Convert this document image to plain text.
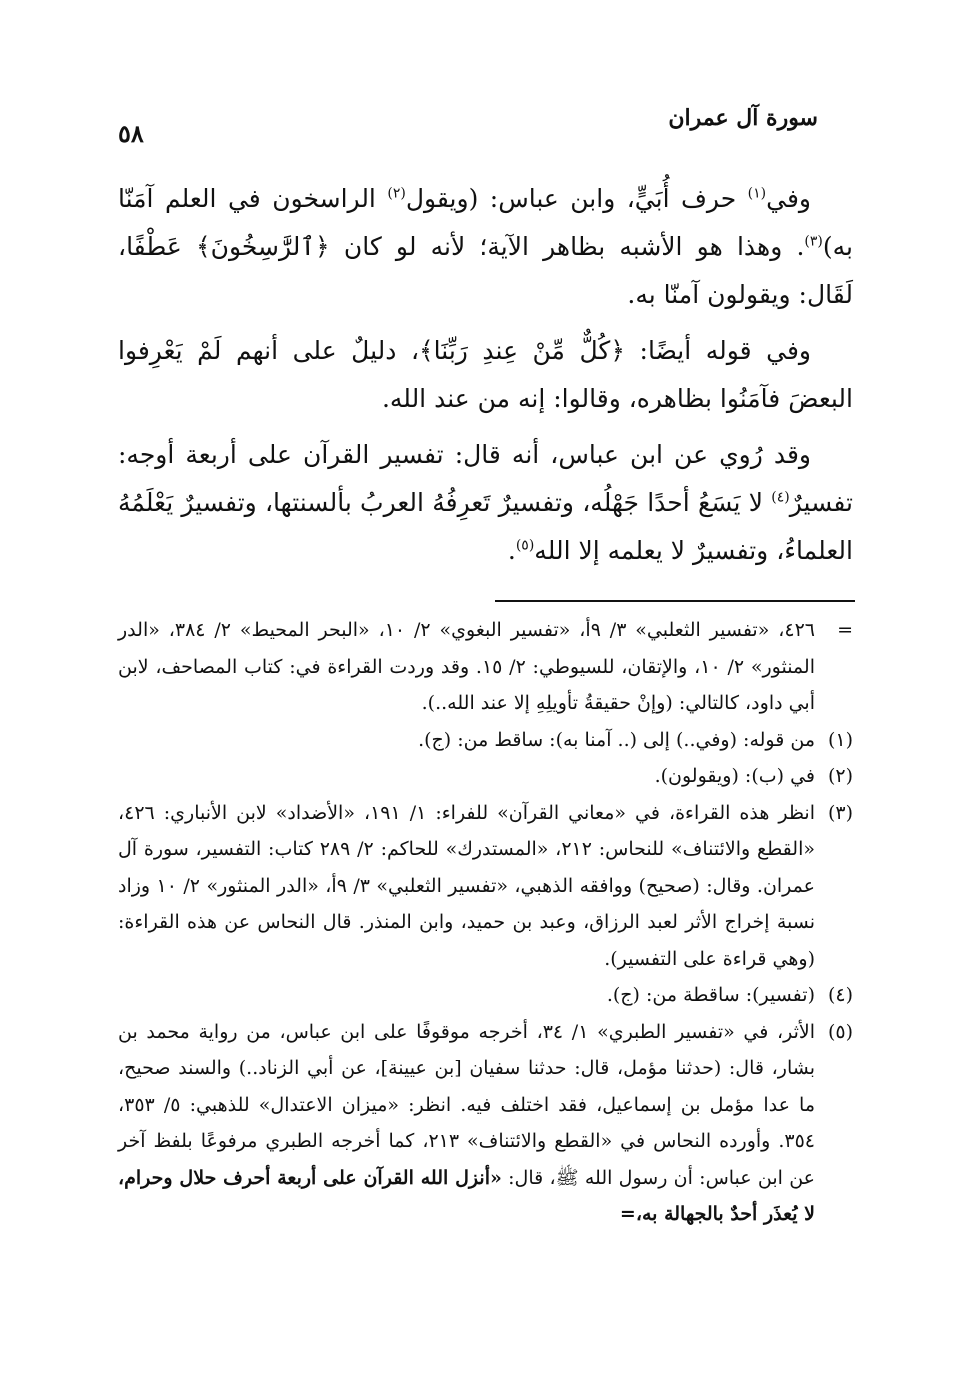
سورة آل عمران
٥٨

وفي$^{(١)}$ حرف أُبَيٍّ، وابن عباس: (ويقول$^{(٢)}$ الراسخون في العلم آمَنّا به)$^{(٣)}$. وهذا هو الأشبه بظاهر الآية؛ لأنه لو كان ﴿ٱلرَّٰسِخُونَ﴾ عَطْفًا، لَقَال: ويقولون آمنّا به.

وفي قوله أيضًا: ﴿كُلٌّ مِّنْ عِندِ رَبِّنَا﴾، دليلٌ على أنهم لَمْ يَعْرِفوا البعضَ فآمَنُوا بظاهره، وقالوا: إنه من عند الله.

وقد رُوي عن ابن عباس، أنه قال: تفسير القرآن على أربعة أوجه: تفسيرٌ$^{(٤)}$ لا يَسَعُ أحدًا جَهْلُه، وتفسيرٌ تَعرِفُهُ العربُ بألسنتها، وتفسيرٌ يَعْلَمُهُ العلماءُ، وتفسيرٌ لا يعلمه إلا الله$^{(٥)}$.

=
٤٢٦، «تفسير الثعلبي» ٣/ ٩أ، «تفسير البغوي» ٢/ ١٠، «البحر المحيط» ٢/ ٣٨٤، «الدر المنثور» ٢/ ١٠، والإتقان، للسيوطي: ٢/ ١٥. وقد وردت القراءة في: كتاب المصاحف، لابن أبي داود، كالتالي: (وإنْ حقيقةُ تأويلِهِ إلا عند الله..).
(١)
من قوله: (وفي..) إلى (.. آمنا به): ساقط من: (ج).
(٢)
في (ب): (ويقولون).
(٣)
انظر هذه القراءة، في «معاني القرآن» للفراء: ١/ ١٩١، «الأضداد» لابن الأنباري: ٤٢٦، «القطع والائتناف» للنحاس: ٢١٢، «المستدرك» للحاكم: ٢/ ٢٨٩ كتاب: التفسير، سورة آل عمران. وقال: (صحيح) ووافقه الذهبي، «تفسير الثعلبي» ٣/ ٩أ، «الدر المنثور» ٢/ ١٠ وزاد نسبة إخراج الأثر لعبد الرزاق، وعبد بن حميد، وابن المنذر. قال النحاس عن هذه القراءة: (وهي قراءة على التفسير).
(٤)
(تفسير): ساقطة من: (ج).
(٥)
الأثر، في «تفسير الطبري» ١/ ٣٤، أخرجه موقوفًا على ابن عباس، من رواية محمد بن بشار، قال: (حدثنا مؤمل، قال: حدثنا سفيان [بن عيينة]، عن أبي الزناد..) والسند صحيح، ما عدا مؤمل بن إسماعيل، فقد اختلف فيه. انظر: «ميزان الاعتدال» للذهبي: ٥/ ٣٥٣، ٣٥٤. وأورده النحاس في «القطع والائتناف» ٢١٣، كما أخرجه الطبري مرفوعًا بلفظ آخر عن ابن عباس: أن رسول الله ﷺ، قال: «أنزل الله القرآن على أربعة أحرف حلال وحرام، لا يُعذَر أحدٌ بالجهالة به،=
